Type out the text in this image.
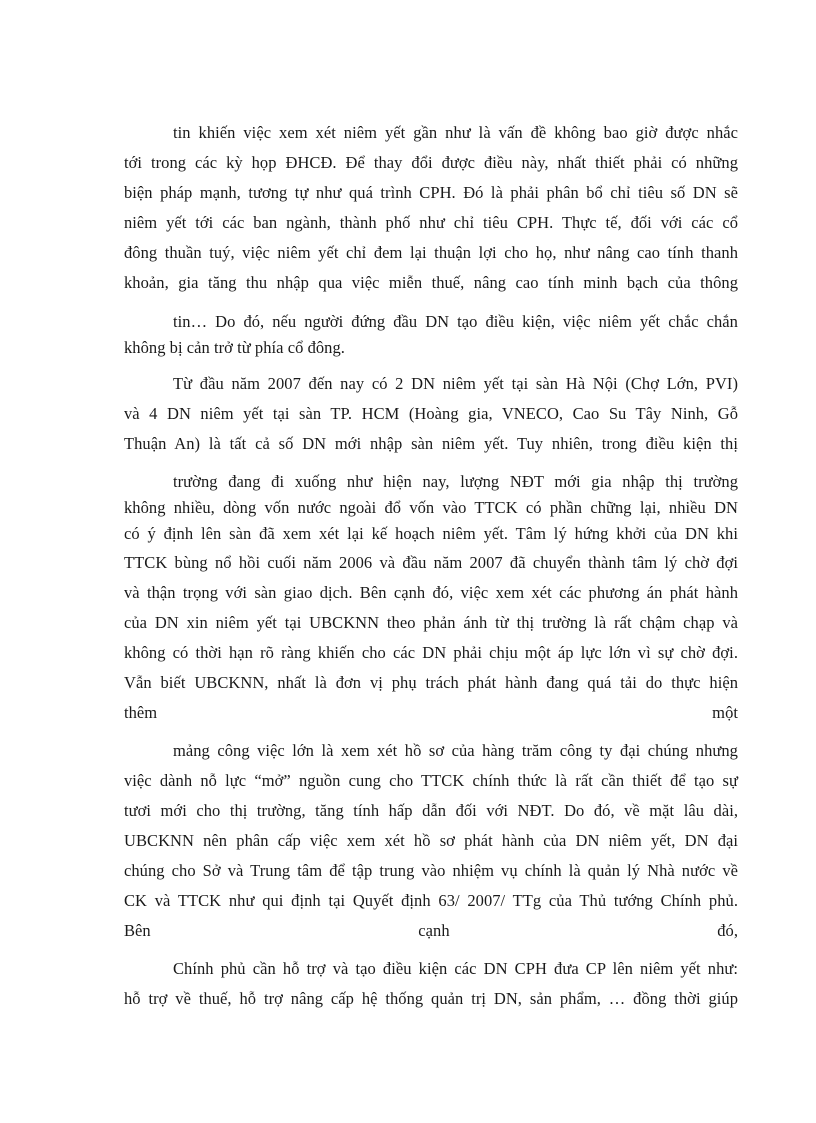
tin khiến việc xem xét niêm yết gần như là vấn đề không bao giờ được nhắc
tới trong các kỳ họp ĐHCĐ. Để thay đổi được điều này, nhất thiết phải có những
biện pháp mạnh, tương tự như quá trình CPH. Đó là phải phân bổ chỉ tiêu số DN sẽ
niêm yết tới các ban ngành, thành phố như chỉ tiêu CPH. Thực tế, đối với các cổ
đông thuần tuý, việc niêm yết chỉ đem lại thuận lợi cho họ, như nâng cao tính thanh
khoản, gia tăng thu nhập qua việc miễn thuế, nâng cao tính minh bạch của thông
tin… Do đó, nếu người đứng đầu DN tạo điều kiện, việc niêm yết chắc chắn
không bị cản trở từ phía cổ đông.
Từ đầu năm 2007 đến nay có 2 DN niêm yết tại sàn Hà Nội (Chợ Lớn, PVI)
và 4 DN niêm yết tại sàn TP. HCM (Hoàng gia, VNECO, Cao Su Tây Ninh, Gỗ
Thuận An) là tất cả số DN mới nhập sàn niêm yết. Tuy nhiên, trong điều kiện thị
trường đang đi xuống như hiện nay, lượng NĐT mới gia nhập thị trường
không nhiều, dòng vốn nước ngoài đổ vốn vào TTCK có phần chững lại, nhiều DN
có ý định lên sàn đã xem xét lại kế hoạch niêm yết. Tâm lý hứng khởi của DN khi
TTCK bùng nổ hồi cuối năm 2006 và đầu năm 2007 đã chuyển thành tâm lý chờ đợi
và thận trọng với sàn giao dịch. Bên cạnh đó, việc xem xét các phương án phát hành
của DN xin niêm yết tại UBCKNN theo phản ánh từ thị trường là rất chậm chạp và
không có thời hạn rõ ràng khiến cho các DN phải chịu một áp lực lớn vì sự chờ đợi.
Vẫn biết UBCKNN, nhất là đơn vị phụ trách phát hành đang quá tải do thực hiện
thêm một
mảng công việc lớn là xem xét hồ sơ của hàng trăm công ty đại chúng nhưng
việc dành nỗ lực “mở” nguồn cung cho TTCK chính thức là rất cần thiết để tạo sự
tươi mới cho thị trường, tăng tính hấp dẫn đối với NĐT. Do đó, về mặt lâu dài,
UBCKNN nên phân cấp việc xem xét hồ sơ phát hành của DN niêm yết, DN đại
chúng cho Sở và Trung tâm để tập trung vào nhiệm vụ chính là quản lý Nhà nước về
CK và TTCK như qui định tại Quyết định 63/ 2007/ TTg của Thủ tướng Chính phủ.
Bên cạnh đó,
Chính phủ cần hỗ trợ và tạo điều kiện các DN CPH đưa CP lên niêm yết như:
hỗ trợ về thuế, hỗ trợ nâng cấp hệ thống quản trị DN, sản phẩm, … đồng thời giúp
